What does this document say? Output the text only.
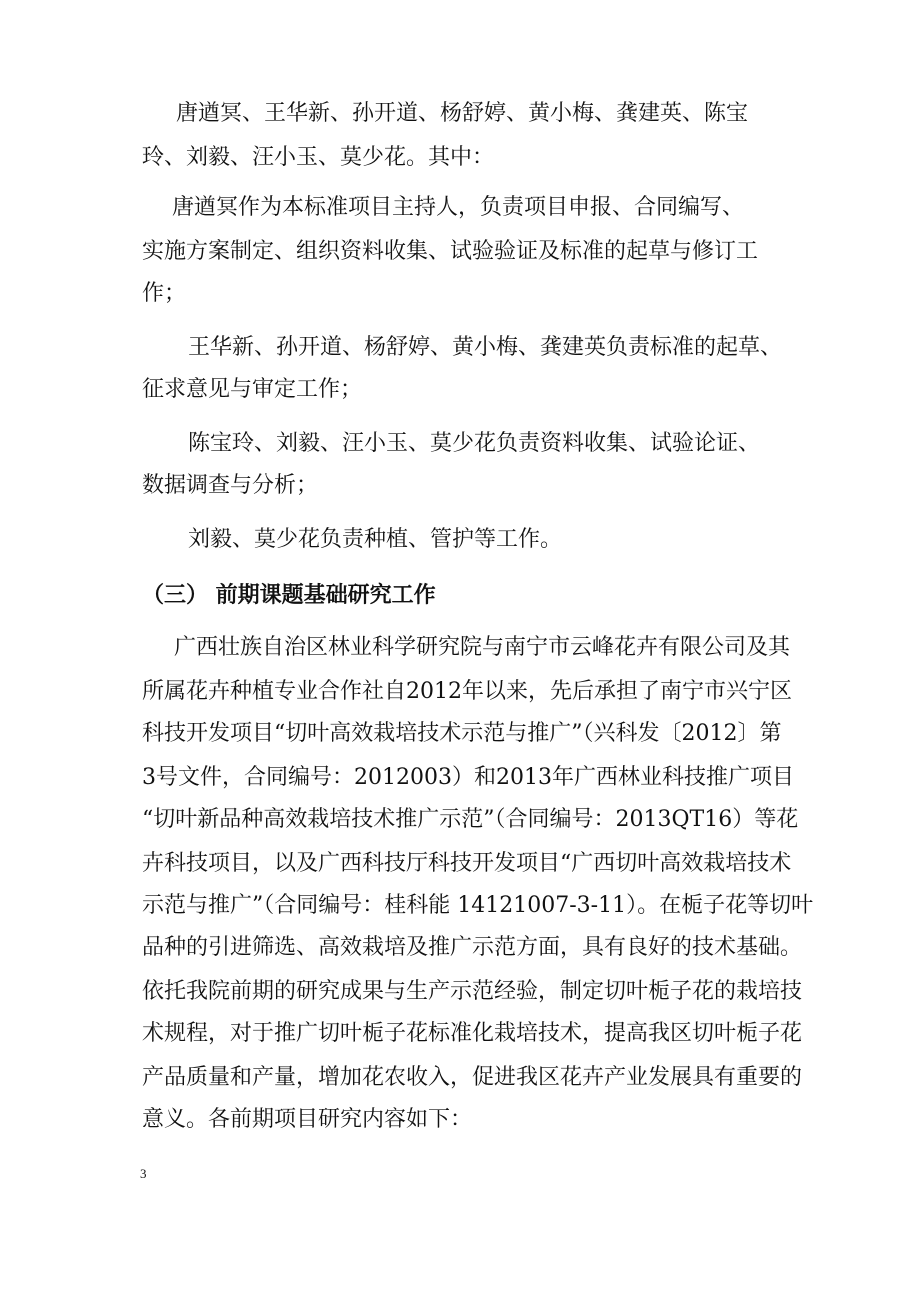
唐遒冥、王华新、孙开道、杨舒婷、黄小梅、龚建英、陈宝
玲、刘毅、汪小玉、莫少花。其中：
唐遒冥作为本标准项目主持人，负责项目申报、合同编写、
实施方案制定、组织资料收集、试验验证及标准的起草与修订工
作；
王华新、孙开道、杨舒婷、黄小梅、龚建英负责标准的起草、
征求意见与审定工作；
陈宝玲、刘毅、汪小玉、莫少花负责资料收集、试验论证、
数据调查与分析；
刘毅、莫少花负责种植、管护等工作。
（三） 前期课题基础研究工作
广西壮族自治区林业科学研究院与南宁市云峰花卉有限公司及其
所属花卉种植专业合作社自2012年以来，先后承担了南宁市兴宁区
科技开发项目“切叶高效栽培技术示范与推广”（兴科发〔2012〕第
3号文件，合同编号：2012003）和2013年广西林业科技推广项目
“切叶新品种高效栽培技术推广示范”（合同编号：2013QT16）等花
卉科技项目，以及广西科技厅科技开发项目“广西切叶高效栽培技术
示范与推广”（合同编号：桂科能 14121007-3-11）。在栀子花等切叶
品种的引进筛选、高效栽培及推广示范方面，具有良好的技术基础。
依托我院前期的研究成果与生产示范经验，制定切叶栀子花的栽培技
术规程，对于推广切叶栀子花标准化栽培技术，提高我区切叶栀子花
产品质量和产量，增加花农收入，促进我区花卉产业发展具有重要的
意义。各前期项目研究内容如下：
3
